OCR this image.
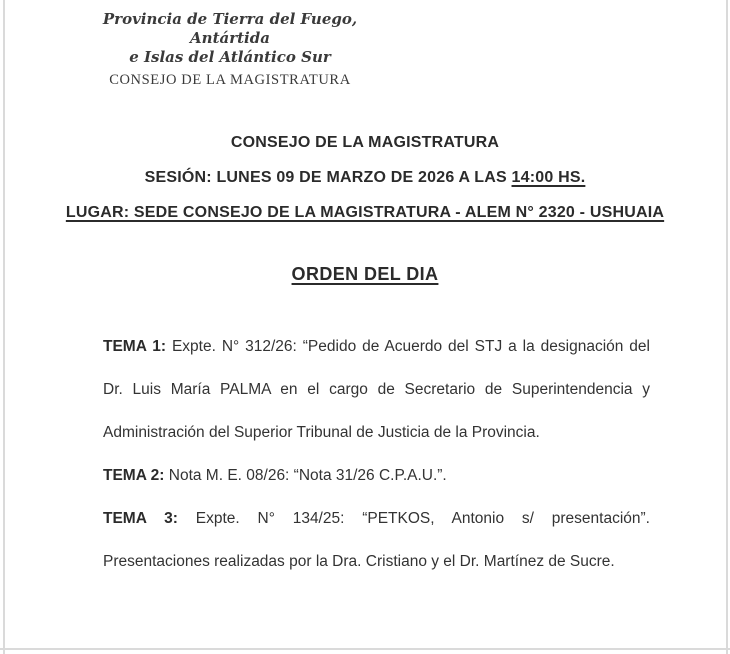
Provincia de Tierra del Fuego, Antártida
e Islas del Atlántico Sur
CONSEJO DE LA MAGISTRATURA
CONSEJO DE LA MAGISTRATURA
SESIÓN: LUNES 09 DE MARZO DE 2026 A LAS 14:00 HS.
LUGAR: SEDE CONSEJO DE LA MAGISTRATURA - ALEM N° 2320 - USHUAIA
ORDEN DEL DIA

TEMA 1: Expte. N° 312/26: “Pedido de Acuerdo del STJ a la designación del Dr. Luis María PALMA en el cargo de Secretario de Superintendencia y Administración del Superior Tribunal de Justicia de la Provincia.

TEMA 2: Nota M. E. 08/26: “Nota 31/26 C.P.A.U.”.

TEMA 3: Expte. N° 134/25: “PETKOS, Antonio s/ presentación”. Presentaciones realizadas por la Dra. Cristiano y el Dr. Martínez de Sucre.
